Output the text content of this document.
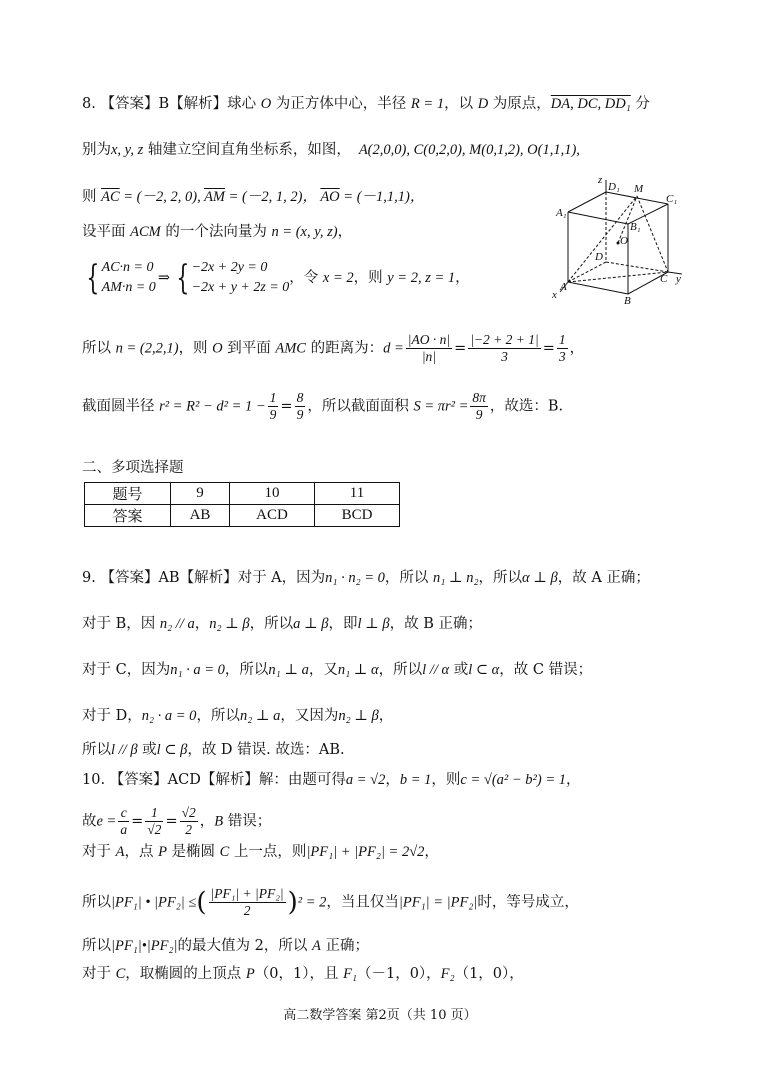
8. 【答案】B【解析】球心 O 为正方体中心，半径 R = 1，以 D 为原点，DA, DC, DD₁ 分
别为x, y, z 轴建立空间直角坐标系，如图， A(2,0,0), C(0,2,0), M(0,1,2), O(1,1,1),
则 $\overline{AC} = (-2$, 2, 0), $\overline{AM} = (-2$, 1, 2)， $\overline{AO} = (-1,1,1)$，
设平面 ACM 的一个法向量为 n = (x, y, z)，
{ AC·n = 0
AM·n = 0
⇒ { −2x + 2y = 0
−2x + y + 2z = 0
，令 x = 2，则 y = 2, z = 1，
所以 n = (2,2,1)，则 O 到平面 AMC 的距离为：$d = \frac{|AO \cdot n|}{|n|} = \frac{|-2 + 2 + 1|}{3} = \frac{1}{3}$ ，
截面圆半径 $r^2 = R^2 - d^2 = 1 - \frac{1}{9} = \frac{8}{9}$ ，所以截面面积 $S = \pi r^2 = \frac{8\pi}{9}$ ，故选：B.
z
D₁ M
C₁
A₁
B₁
O
D
C y
x
A
B
二、多项选择题
题号	9	10	11
答案	AB	ACD	BCD
9. 【答案】AB【解析】对于 A，因为n₁ · n₂ = 0，所以 n₁ ⊥ n₂，所以α ⊥ β，故 A 正确；
对于 B，因 n₂ // a，n₂ ⊥ β，所以a ⊥ β，即l ⊥ β，故 B 正确；
对于 C，因为n₁ · a = 0，所以n₁ ⊥ a，又n₁ ⊥ α，所以l // α 或l ⊂ α，故 C 错误；
对于 D，n₂ · a = 0，所以n₂ ⊥ a，又因为n₂ ⊥ β，
所以l // β 或l ⊂ β，故 D 错误. 故选：AB.
10. 【答案】ACD【解析】解：由题可得a = √2，b = 1，则c = √(a² − b²) = 1，
故$e = \frac{c}{a} = \frac{1}{√2} = \frac{√2}{2}$ ，B 错误；
对于 A，点 P 是椭圆 C 上一点，则|PF₁| + |PF₂| = 2√2，
所以|PF₁| • |PF₂| ≤( $\frac{\text{|PF₁| + |PF₂|}}{2} )^2 = 2$，当且仅当|PF₁| = |PF₂|时，等号成立，
所以|PF₁|•|PF₂|的最大值为 2，所以 A 正确；
对于 C，取椭圆的上顶点 P（0，1），且 F₁（－1，0），F₂（1，0），
高二数学答案 第2页（共 10 页）
